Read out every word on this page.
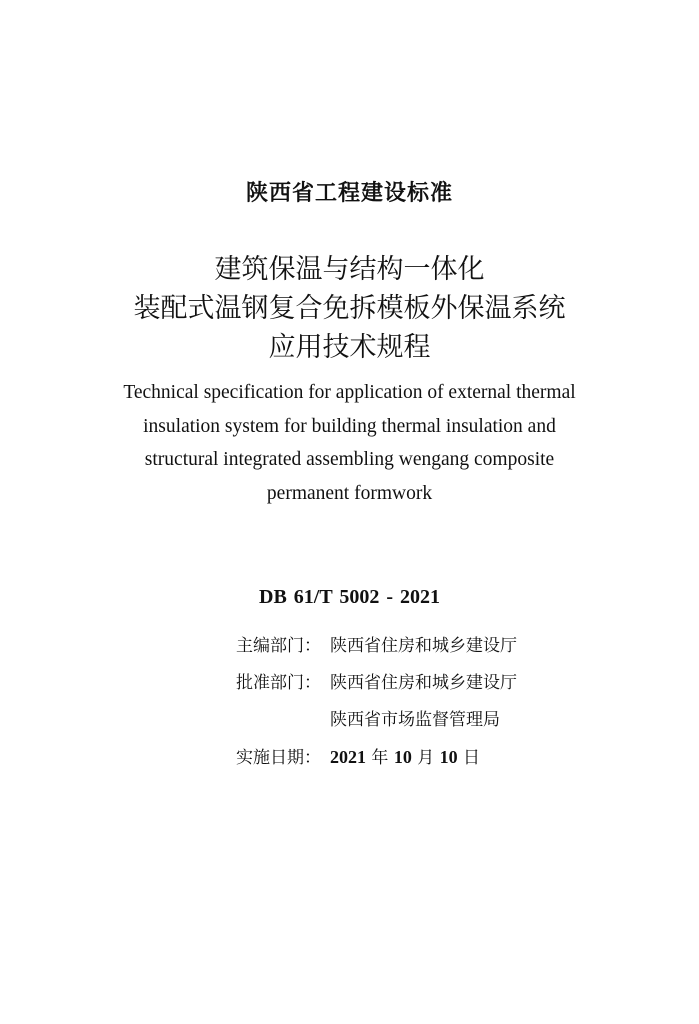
陕西省工程建设标准
建筑保温与结构一体化
装配式温钢复合免拆模板外保温系统
应用技术规程
Technical specification for application of external thermal
insulation system for building thermal insulation and
structural integrated assembling wengang composite
permanent formwork
DB 61/T 5002 - 2021
主编部门： 陕西省住房和城乡建设厅
批准部门： 陕西省住房和城乡建设厅
陕西省市场监督管理局
实施日期： 2021 年 10 月 10 日
